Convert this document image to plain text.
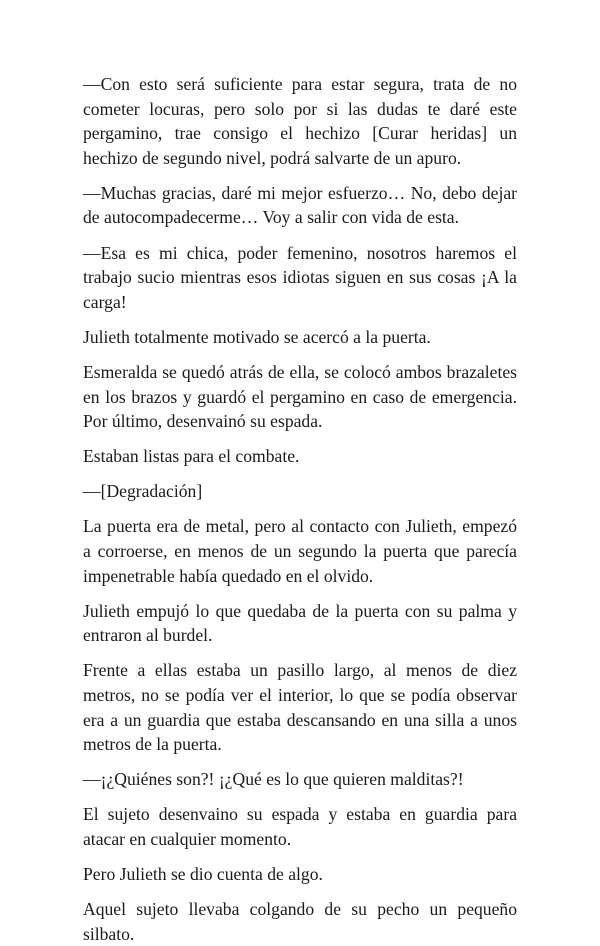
—Con esto será suficiente para estar segura, trata de no cometer locuras, pero solo por si las dudas te daré este pergamino, trae consigo el hechizo [Curar heridas] un hechizo de segundo nivel, podrá salvarte de un apuro.

—Muchas gracias, daré mi mejor esfuerzo… No, debo dejar de autocompadecerme… Voy a salir con vida de esta.

—Esa es mi chica, poder femenino, nosotros haremos el trabajo sucio mientras esos idiotas siguen en sus cosas ¡A la carga!

Julieth totalmente motivado se acercó a la puerta.

Esmeralda se quedó atrás de ella, se colocó ambos brazaletes en los brazos y guardó el pergamino en caso de emergencia. Por último, desenvainó su espada.

Estaban listas para el combate.

—[Degradación]

La puerta era de metal, pero al contacto con Julieth, empezó a corroerse, en menos de un segundo la puerta que parecía impenetrable había quedado en el olvido.

Julieth empujó lo que quedaba de la puerta con su palma y entraron al burdel.

Frente a ellas estaba un pasillo largo, al menos de diez metros, no se podía ver el interior, lo que se podía observar era a un guardia que estaba descansando en una silla a unos metros de la puerta.

—¡¿Quiénes son?! ¡¿Qué es lo que quieren malditas?!

El sujeto desenvaino su espada y estaba en guardia para atacar en cualquier momento.

Pero Julieth se dio cuenta de algo.

Aquel sujeto llevaba colgando de su pecho un pequeño silbato.
